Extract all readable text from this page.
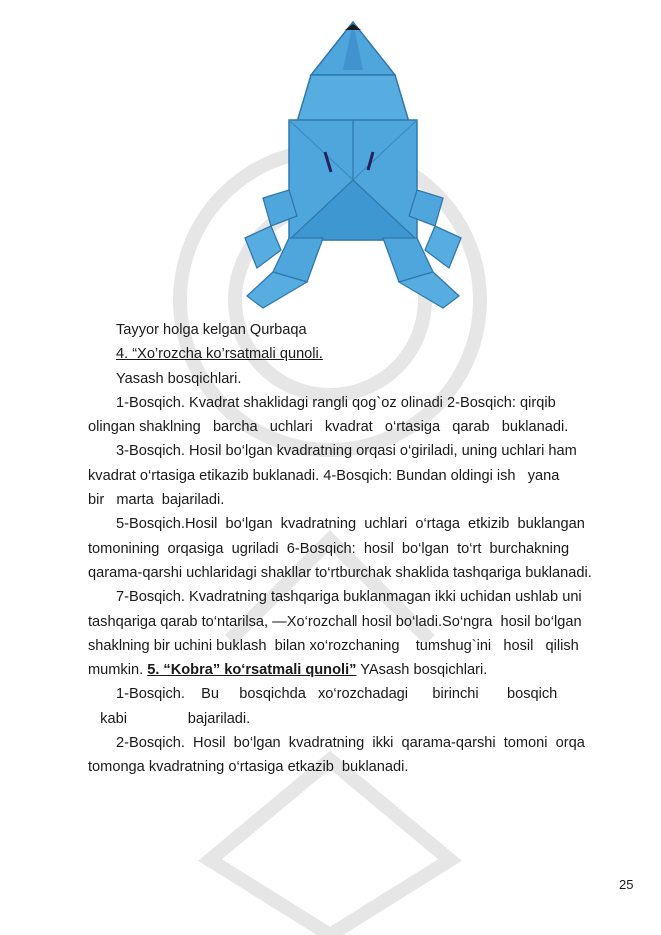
Tayyor holga kelgan Qurbaqa
4. “Xo’rozcha ko’rsatmali qunoli.
Yasash bosqichlari.
1-Bosqich. Kvadrat shaklidagi rangli qog`oz olinadi 2-Bosqich: qirqib
olingan shaklning   barcha   uchlari   kvadrat   o‘rtasiga   qarab   buklanadi.
3-Bosqich. Hosil bo‘lgan kvadratning orqasi o‘giriladi, uning uchlari ham
kvadrat o‘rtasiga etikazib buklanadi. 4-Bosqich: Bundan oldingi ish   yana
bir   marta  bajariladi.
5-Bosqich.Hosil  bo‘lgan  kvadratning  uchlari  o‘rtaga  etkizib  buklangan
tomonining  orqasiga  ugriladi  6-Bosqich:  hosil  bo‘lgan  to‘rt  burchakning
qarama-qarshi uchlaridagi shakllar to‘rtburchak shaklida tashqariga buklanadi.
7-Bosqich. Kvadratning tashqariga buklanmagan ikki uchidan ushlab uni
tashqariga qarab to‘ntarilsa, ―Xo‘rozcha‖ hosil bo‘ladi.So‘ngra  hosil bo‘lgan
shaklning bir uchini buklash  bilan xo‘rozchaning    tumshug`ini   hosil   qilish
mumkin. 5. “Kobra” ko‘rsatmali qunoli” YAsash bosqichlari.
1-Bosqich.    Bu     bosqichda   xo‘rozchadagi      birinchi       bosqich
kabi               bajariladi.
2-Bosqich.  Hosil  bo‘lgan  kvadratning  ikki  qarama-qarshi  tomoni  orqa
tomonga kvadratning o‘rtasiga etkazib  buklanadi.
25
